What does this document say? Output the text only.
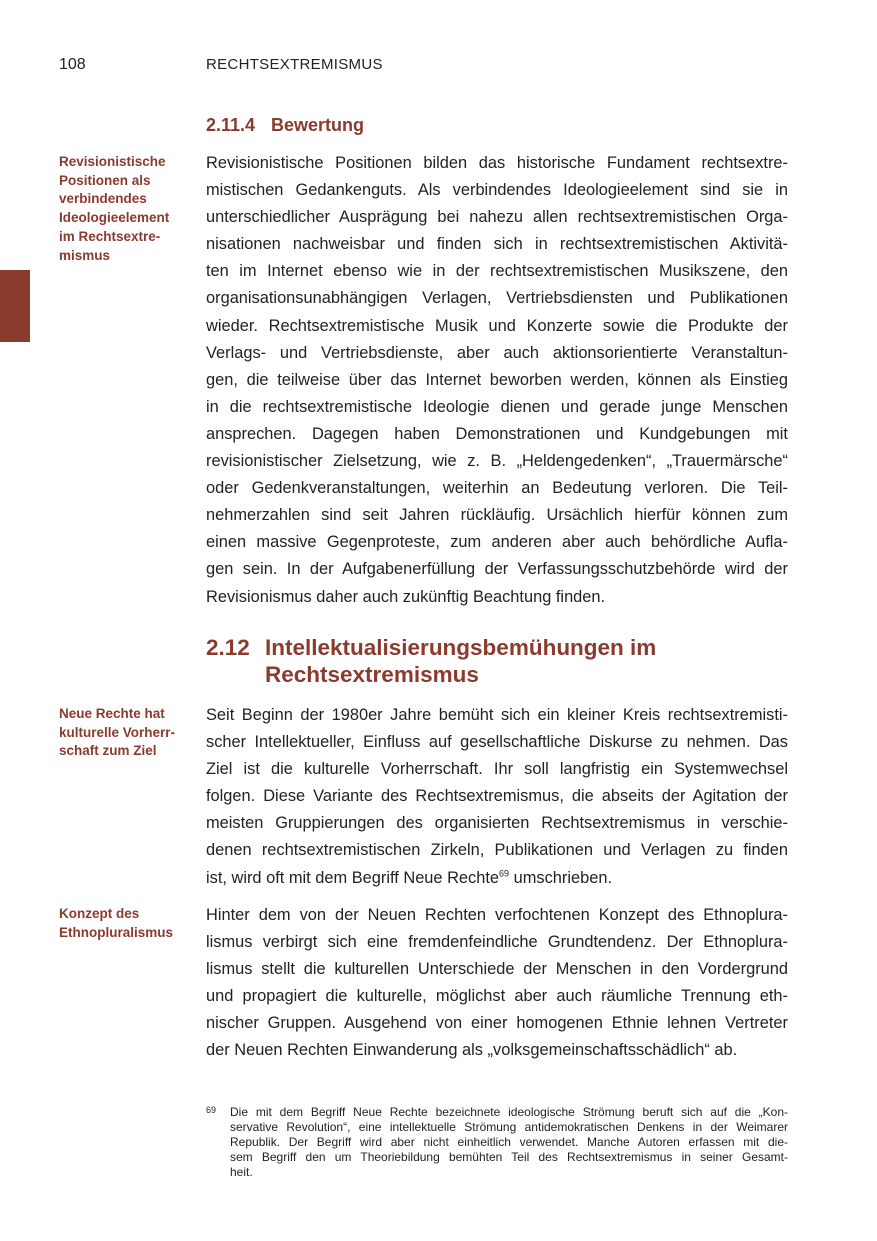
108	RECHTSEXTREMISMUS
2.11.4 Bewertung
Revisionistische
Positionen als
verbindendes
Ideologieelement
im Rechtsextre-
mismus
Revisionistische Positionen bilden das historische Fundament rechtsextre-
mistischen Gedankenguts. Als verbindendes Ideologieelement sind sie in
unterschiedlicher Ausprägung bei nahezu allen rechtsextremistischen Orga-
nisationen nachweisbar und finden sich in rechtsextremistischen Aktivitä-
ten im Internet ebenso wie in der rechtsextremistischen Musikszene, den
organisationsunabhängigen Verlagen, Vertriebsdiensten und Publikationen
wieder. Rechtsextremistische Musik und Konzerte sowie die Produkte der
Verlags- und Vertriebsdienste, aber auch aktionsorientierte Veranstaltun-
gen, die teilweise über das Internet beworben werden, können als Einstieg
in die rechtsextremistische Ideologie dienen und gerade junge Menschen
ansprechen. Dagegen haben Demonstrationen und Kundgebungen mit
revisionistischer Zielsetzung, wie z. B. „Heldengedenken“, „Trauermärsche“
oder Gedenkveranstaltungen, weiterhin an Bedeutung verloren. Die Teil-
nehmerzahlen sind seit Jahren rückläufig. Ursächlich hierfür können zum
einen massive Gegenproteste, zum anderen aber auch behördliche Aufla-
gen sein. In der Aufgabenerfüllung der Verfassungsschutzbehörde wird der
Revisionismus daher auch zukünftig Beachtung finden.
2.12 Intellektualisierungsbemühungen im
Rechtsextremismus
Neue Rechte hat
kulturelle Vorherr-
schaft zum Ziel
Seit Beginn der 1980er Jahre bemüht sich ein kleiner Kreis rechtsextremisti-
scher Intellektueller, Einfluss auf gesellschaftliche Diskurse zu nehmen. Das
Ziel ist die kulturelle Vorherrschaft. Ihr soll langfristig ein Systemwechsel
folgen. Diese Variante des Rechtsextremismus, die abseits der Agitation der
meisten Gruppierungen des organisierten Rechtsextremismus in verschie-
denen rechtsextremistischen Zirkeln, Publikationen und Verlagen zu finden
ist, wird oft mit dem Begriff Neue Rechte$^{69}$ umschrieben.
Konzept des
Ethnopluralismus
Hinter dem von der Neuen Rechten verfochtenen Konzept des Ethnoplura-
lismus verbirgt sich eine fremdenfeindliche Grundtendenz. Der Ethnoplura-
lismus stellt die kulturellen Unterschiede der Menschen in den Vordergrund
und propagiert die kulturelle, möglichst aber auch räumliche Trennung eth-
nischer Gruppen. Ausgehend von einer homogenen Ethnie lehnen Vertreter
der Neuen Rechten Einwanderung als „volksgemeinschaftsschädlich“ ab.
69 Die mit dem Begriff Neue Rechte bezeichnete ideologische Strömung beruft sich auf die „Kon-
servative Revolution“, eine intellektuelle Strömung antidemokratischen Denkens in der Weimarer
Republik. Der Begriff wird aber nicht einheitlich verwendet. Manche Autoren erfassen mit die-
sem Begriff den um Theoriebildung bemühten Teil des Rechtsextremismus in seiner Gesamt-
heit.
